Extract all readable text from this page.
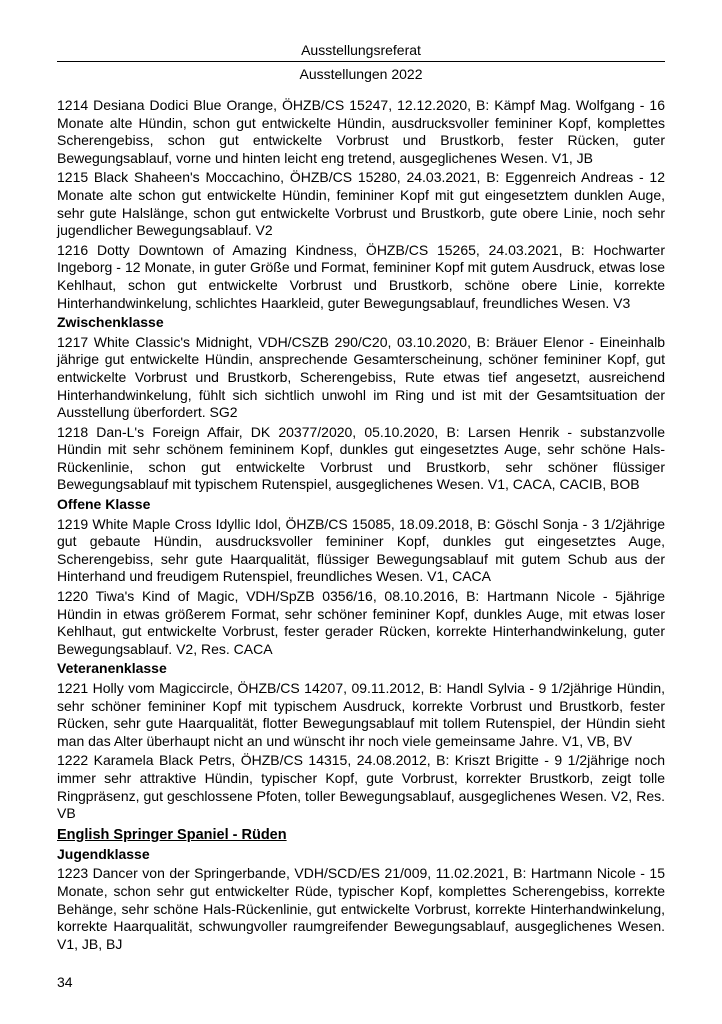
Ausstellungsreferat
Ausstellungen 2022

1214 Desiana Dodici Blue Orange, ÖHZB/CS 15247, 12.12.2020, B: Kämpf Mag. Wolfgang - 16 Monate alte Hündin, schon gut entwickelte Hündin, ausdrucksvoller femininer Kopf, komplettes Scherengebiss, schon gut entwickelte Vorbrust und Brustkorb, fester Rücken, guter Bewegungsablauf, vorne und hinten leicht eng tretend, ausgeglichenes Wesen. V1, JB

1215 Black Shaheen's Moccachino, ÖHZB/CS 15280, 24.03.2021, B: Eggenreich Andreas - 12 Monate alte schon gut entwickelte Hündin, femininer Kopf mit gut eingesetztem dunklen Auge, sehr gute Halslänge, schon gut entwickelte Vorbrust und Brustkorb, gute obere Linie, noch sehr jugendlicher Bewegungsablauf. V2

1216 Dotty Downtown of Amazing Kindness, ÖHZB/CS 15265, 24.03.2021, B: Hochwarter Ingeborg - 12 Monate, in guter Größe und Format, femininer Kopf mit gutem Ausdruck, etwas lose Kehlhaut, schon gut entwickelte Vorbrust und Brustkorb, schöne obere Linie, korrekte Hinterhandwinkelung, schlichtes Haarkleid, guter Bewegungsablauf, freundliches Wesen. V3

Zwischenklasse

1217 White Classic's Midnight, VDH/CSZB 290/C20, 03.10.2020, B: Bräuer Elenor - Eineinhalb jährige gut entwickelte Hündin, ansprechende Gesamterscheinung, schöner femininer Kopf, gut entwickelte Vorbrust und Brustkorb, Scherengebiss, Rute etwas tief angesetzt, ausreichend Hinterhandwinkelung, fühlt sich sichtlich unwohl im Ring und ist mit der Gesamtsituation der Ausstellung überfordert. SG2

1218 Dan-L's Foreign Affair, DK 20377/2020, 05.10.2020, B: Larsen Henrik - substanzvolle Hündin mit sehr schönem femininem Kopf, dunkles gut eingesetztes Auge, sehr schöne Hals-Rückenlinie, schon gut entwickelte Vorbrust und Brustkorb, sehr schöner flüssiger Bewegungsablauf mit typischem Rutenspiel, ausgeglichenes Wesen. V1, CACA, CACIB, BOB

Offene Klasse

1219 White Maple Cross Idyllic Idol, ÖHZB/CS 15085, 18.09.2018, B: Göschl Sonja - 3 1/2jährige gut gebaute Hündin, ausdrucksvoller femininer Kopf, dunkles gut eingesetztes Auge, Scherengebiss, sehr gute Haarqualität, flüssiger Bewegungsablauf mit gutem Schub aus der Hinterhand und freudigem Rutenspiel, freundliches Wesen. V1, CACA

1220 Tiwa's Kind of Magic, VDH/SpZB 0356/16, 08.10.2016, B: Hartmann Nicole - 5jährige Hündin in etwas größerem Format, sehr schöner femininer Kopf, dunkles Auge, mit etwas loser Kehlhaut, gut entwickelte Vorbrust, fester gerader Rücken, korrekte Hinterhandwinkelung, guter Bewegungsablauf. V2, Res. CACA

Veteranenklasse

1221 Holly vom Magiccircle, ÖHZB/CS 14207, 09.11.2012, B: Handl Sylvia - 9 1/2jährige Hündin, sehr schöner femininer Kopf mit typischem Ausdruck, korrekte Vorbrust und Brustkorb, fester Rücken, sehr gute Haarqualität, flotter Bewegungsablauf mit tollem Rutenspiel, der Hündin sieht man das Alter überhaupt nicht an und wünscht ihr noch viele gemeinsame Jahre. V1, VB, BV

1222 Karamela Black Petrs, ÖHZB/CS 14315, 24.08.2012, B: Kriszt Brigitte - 9 1/2jährige noch immer sehr attraktive Hündin, typischer Kopf, gute Vorbrust, korrekter Brustkorb, zeigt tolle Ringpräsenz, gut geschlossene Pfoten, toller Bewegungsablauf, ausgeglichenes Wesen. V2, Res. VB

English Springer Spaniel - Rüden

Jugendklasse

1223 Dancer von der Springerbande, VDH/SCD/ES 21/009, 11.02.2021, B: Hartmann Nicole - 15 Monate, schon sehr gut entwickelter Rüde, typischer Kopf, komplettes Scherengebiss, korrekte Behänge, sehr schöne Hals-Rückenlinie, gut entwickelte Vorbrust, korrekte Hinterhandwinkelung, korrekte Haarqualität, schwungvoller raumgreifender Bewegungsablauf, ausgeglichenes Wesen. V1, JB, BJ

34
